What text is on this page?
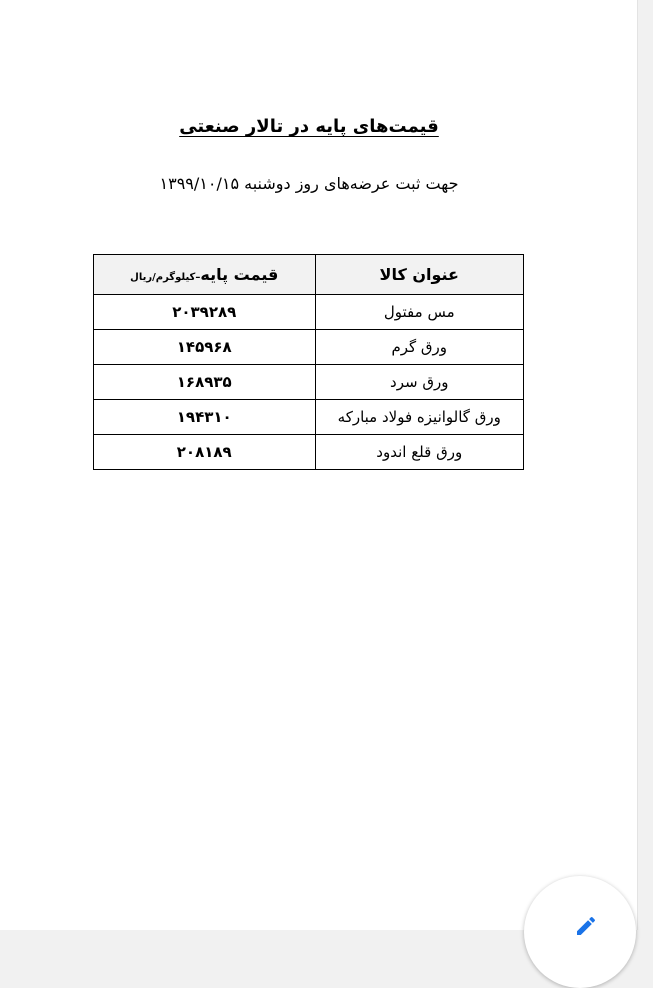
قیمت‌های پایه در تالار صنعتی
جهت ثبت عرضه‌های روز دوشنبه ۱۳۹۹/۱۰/۱۵
عنوان کالا	قیمت پایه–کیلوگرم/ریال
مس مفتول	۲۰۳۹۲۸۹
ورق گرم	۱۴۵۹۶۸
ورق سرد	۱۶۸۹۳۵
ورق گالوانیزه فولاد مبارکه	۱۹۴۳۱۰
ورق قلع اندود	۲۰۸۱۸۹
